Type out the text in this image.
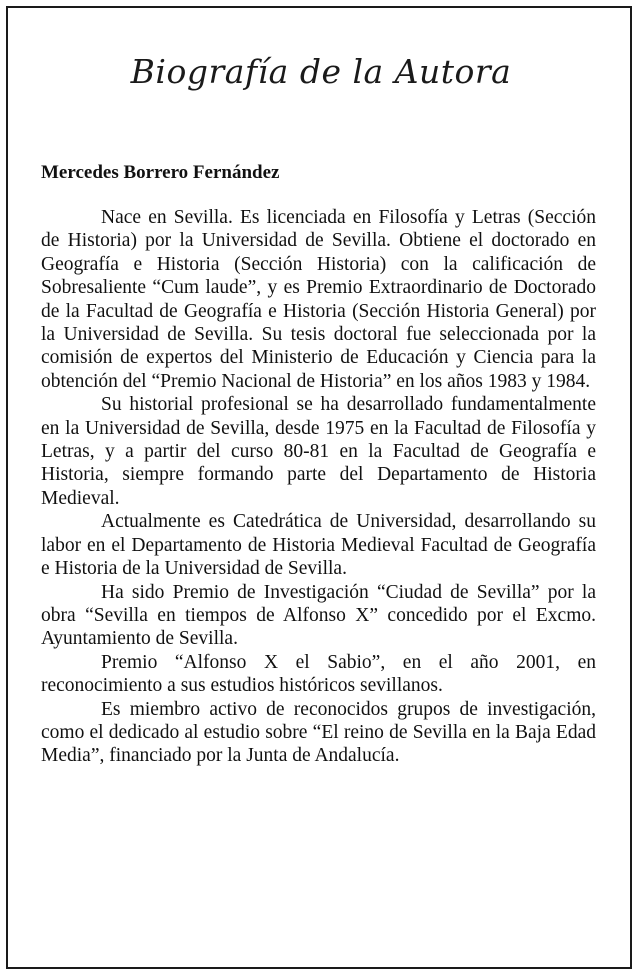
Biografía de la Autora
Mercedes Borrero Fernández

Nace en Sevilla. Es licenciada en Filosofía y Letras (Sección de Historia) por la Universidad de Sevilla. Obtiene el doctorado en Geografía e Historia (Sección Historia) con la calificación de Sobresaliente “Cum laude”, y es Premio Extraordinario de Doctorado de la Facultad de Geografía e Historia (Sección Historia General) por la Universidad de Sevilla. Su tesis doctoral fue seleccionada por la comisión de expertos del Ministerio de Educación y Ciencia para la obtención del “Premio Nacional de Historia” en los años 1983 y 1984.

Su historial profesional se ha desarrollado fundamentalmente en la Universidad de Sevilla, desde 1975 en la Facultad de Filosofía y Letras, y a partir del curso 80-81 en la Facultad de Geografía e Historia, siempre formando parte del Departamento de Historia Medieval.

Actualmente es Catedrática de Universidad, desarrollando su labor en el Departamento de Historia Medieval Facultad de Geografía e Historia de la Universidad de Sevilla.

Ha sido Premio de Investigación “Ciudad de Sevilla” por la obra “Sevilla en tiempos de Alfonso X” concedido por el Excmo. Ayuntamiento de Sevilla.

Premio “Alfonso X el Sabio”, en el año 2001, en reconocimiento a sus estudios históricos sevillanos.

Es miembro activo de reconocidos grupos de investigación, como el dedicado al estudio sobre “El reino de Sevilla en la Baja Edad Media”, financiado por la Junta de Andalucía.
